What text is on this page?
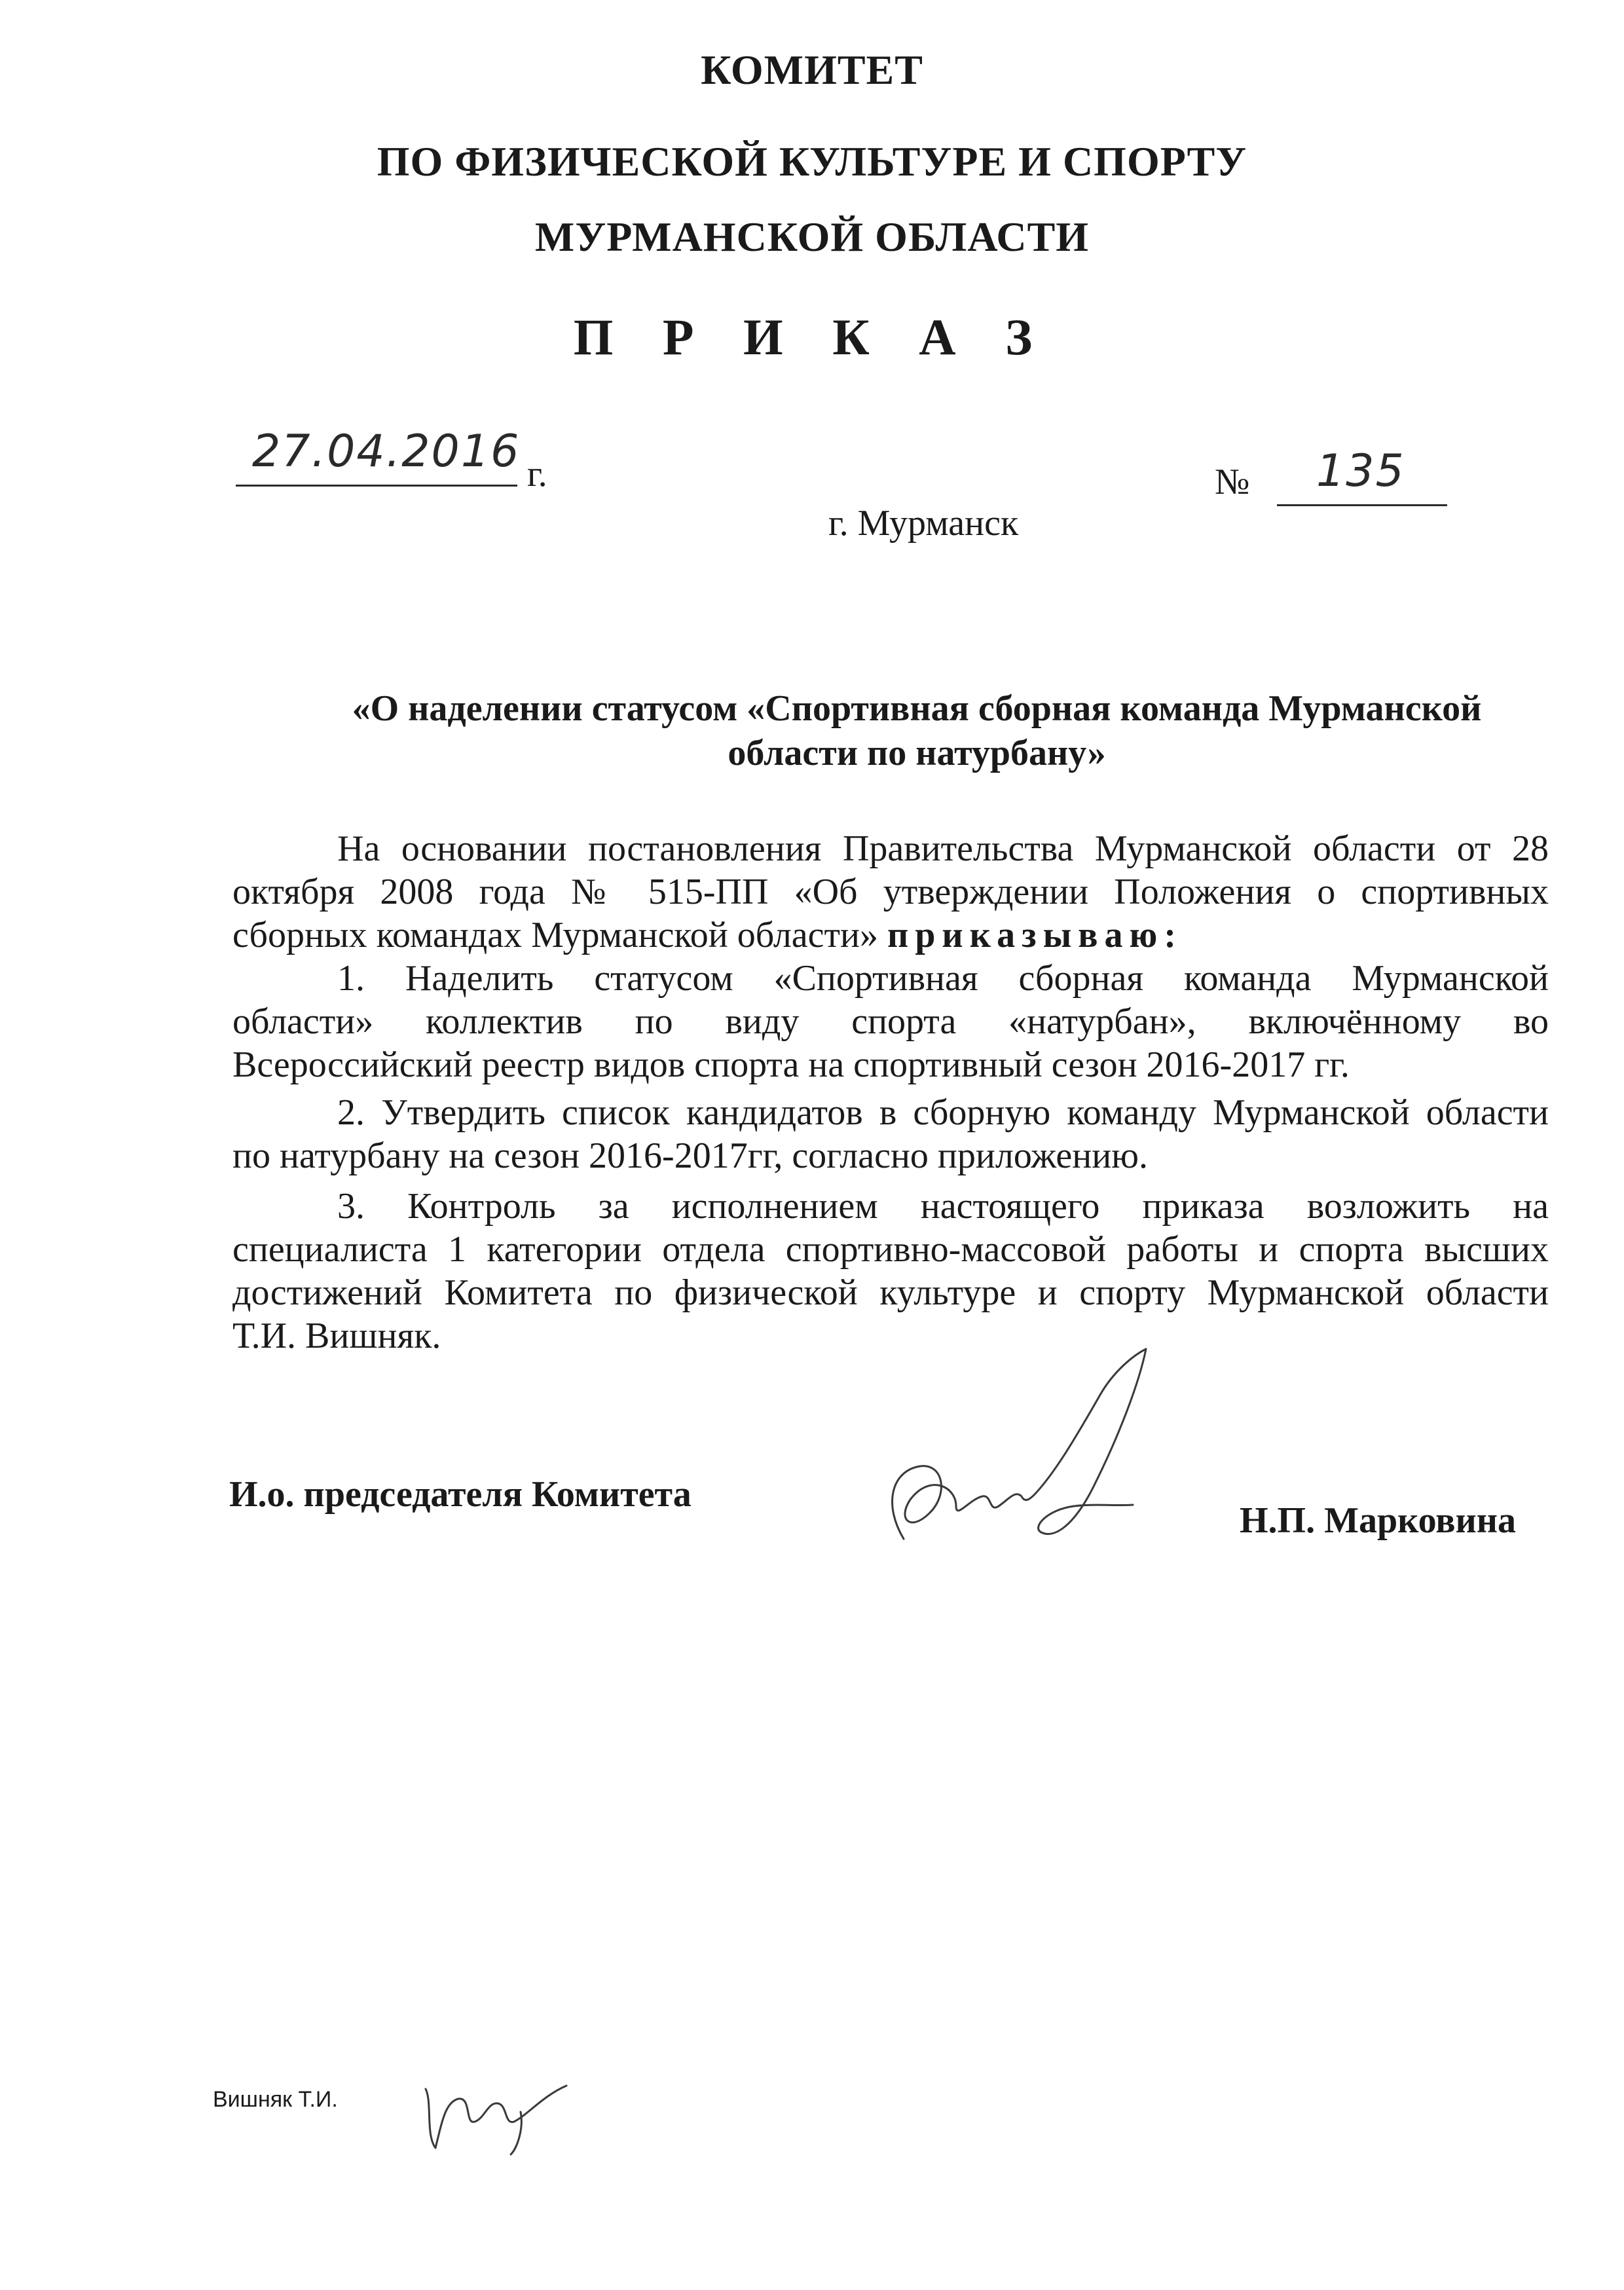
КОМИТЕТ
ПО ФИЗИЧЕСКОЙ КУЛЬТУРЕ И СПОРТУ
МУРМАНСКОЙ ОБЛАСТИ
П Р И К А З
27.04.2016 г.	№ 135
г. Мурманск
«О наделении статусом «Спортивная сборная команда Мурманской
области по натурбану»
На основании постановления Правительства Мурманской области от 28
октября 2008 года № 515-ПП «Об утверждении Положения о спортивных
сборных командах Мурманской области» приказываю:
1. Наделить статусом «Спортивная сборная команда Мурманской
области» коллектив по виду спорта «натурбан», включённому во
Всероссийский реестр видов спорта на спортивный сезон 2016-2017 гг.
2. Утвердить список кандидатов в сборную команду Мурманской области
по натурбану на сезон 2016-2017гг, согласно приложению.
3. Контроль за исполнением настоящего приказа возложить на
специалиста 1 категории отдела спортивно-массовой работы и спорта высших
достижений Комитета по физической культуре и спорту Мурманской области
Т.И. Вишняк.
И.о. председателя Комитета
Н.П. Марковина
Вишняк Т.И.
